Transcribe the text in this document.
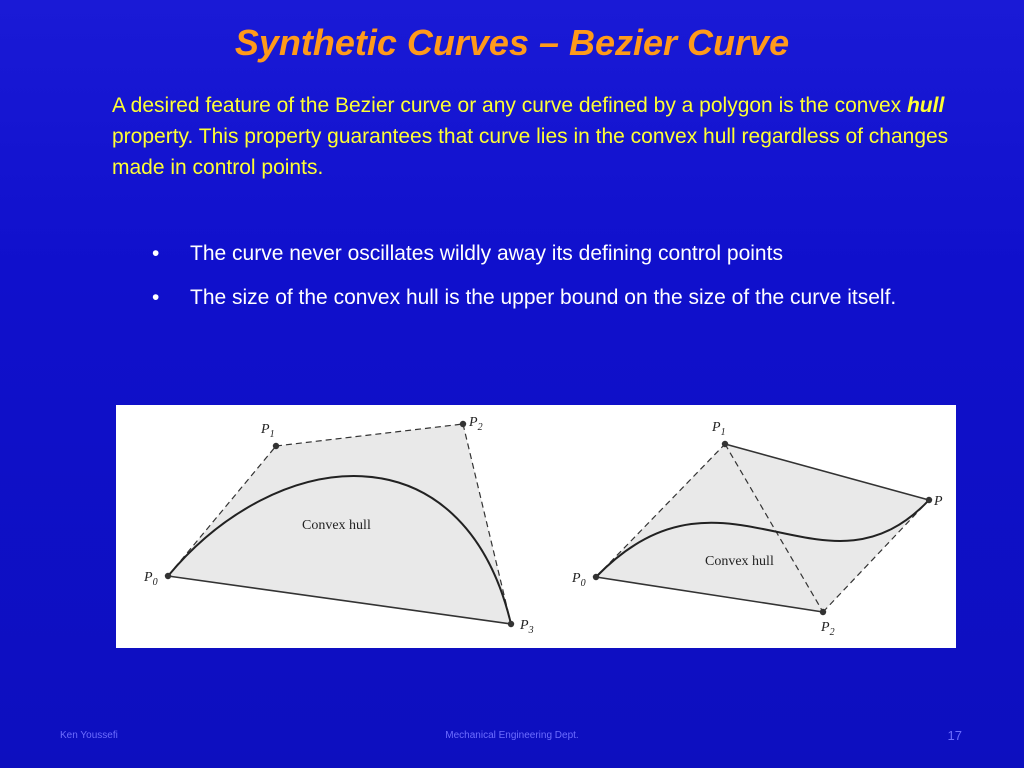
Synthetic Curves – Bezier Curve

A desired feature of the Bezier curve or any curve defined by a polygon is the convex hull property. This property guarantees that curve lies in the convex hull regardless of changes made in control points.

• The curve never oscillates wildly away its defining control points
• The size of the convex hull is the upper bound on the size of the curve itself.
Convex hull
$P_0$
$P_1$
$P_2$
$P_3$
Convex hull
$P_0$
$P_1$
$P_2$
P
Ken Youssefi	Mechanical Engineering Dept.	17
